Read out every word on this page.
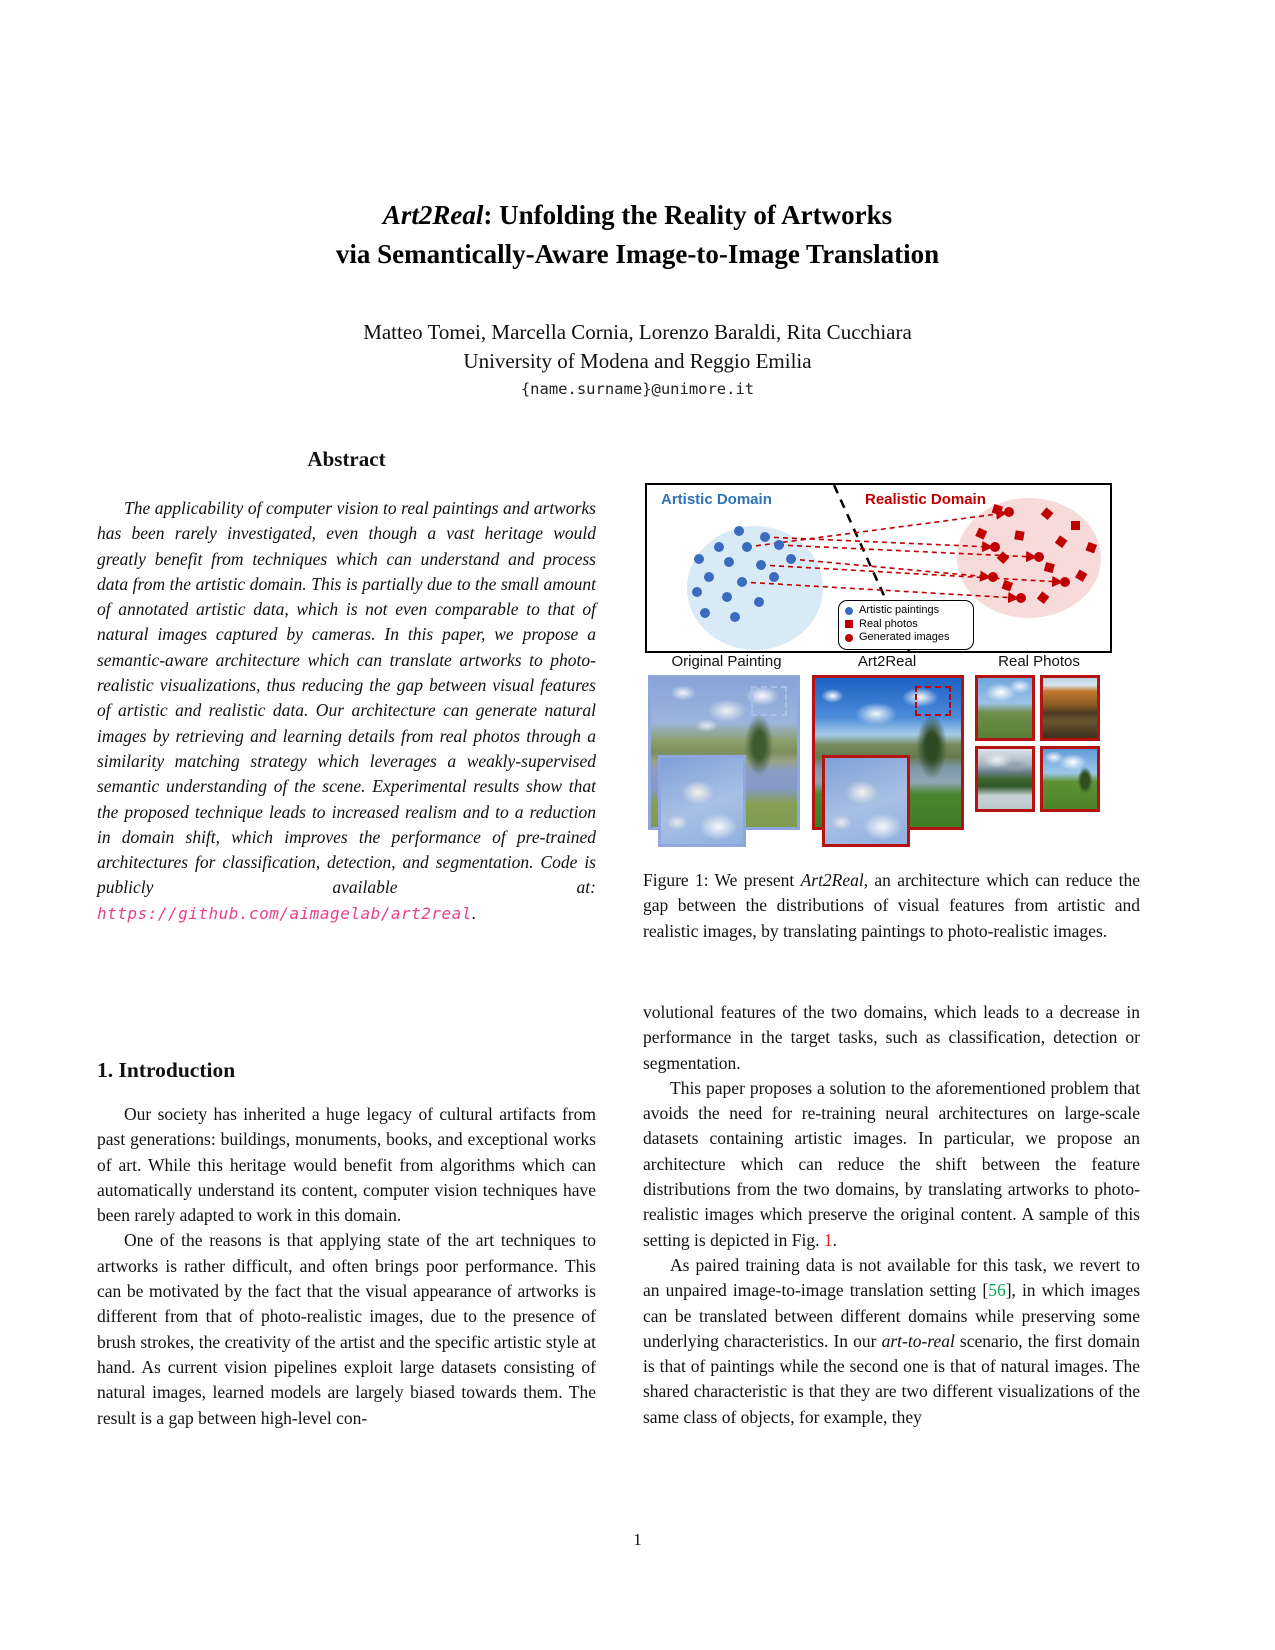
Art2Real: Unfolding the Reality of Artworks
via Semantically-Aware Image-to-Image Translation
Matteo Tomei, Marcella Cornia, Lorenzo Baraldi, Rita Cucchiara
University of Modena and Reggio Emilia
{name.surname}@unimore.it
Abstract

The applicability of computer vision to real paintings and artworks has been rarely investigated, even though a vast heritage would greatly benefit from techniques which can understand and process data from the artistic domain. This is partially due to the small amount of annotated artistic data, which is not even comparable to that of natural images captured by cameras. In this paper, we propose a semantic-aware architecture which can translate artworks to photo-realistic visualizations, thus reducing the gap between visual features of artistic and realistic data. Our architecture can generate natural images by retrieving and learning details from real photos through a similarity matching strategy which leverages a weakly-supervised semantic understanding of the scene. Experimental results show that the proposed technique leads to increased realism and to a reduction in domain shift, which improves the performance of pre-trained architectures for classification, detection, and segmentation. Code is publicly available at: https://github.com/aimagelab/art2real.

1. Introduction

Our society has inherited a huge legacy of cultural artifacts from past generations: buildings, monuments, books, and exceptional works of art. While this heritage would benefit from algorithms which can automatically understand its content, computer vision techniques have been rarely adapted to work in this domain.

One of the reasons is that applying state of the art techniques to artworks is rather difficult, and often brings poor performance. This can be motivated by the fact that the visual appearance of artworks is different from that of photo-realistic images, due to the presence of brush strokes, the creativity of the artist and the specific artistic style at hand. As current vision pipelines exploit large datasets consisting of natural images, learned models are largely biased towards them. The result is a gap between high-level con-

Artistic Domain	Realistic Domain
Artistic paintings
Real photos
Generated images
Original Painting	Art2Real	Real Photos
Figure 1: We present Art2Real, an architecture which can reduce the gap between the distributions of visual features from artistic and realistic images, by translating paintings to photo-realistic images.

volutional features of the two domains, which leads to a decrease in performance in the target tasks, such as classification, detection or segmentation.

This paper proposes a solution to the aforementioned problem that avoids the need for re-training neural architectures on large-scale datasets containing artistic images. In particular, we propose an architecture which can reduce the shift between the feature distributions from the two domains, by translating artworks to photo-realistic images which preserve the original content. A sample of this setting is depicted in Fig. 1.

As paired training data is not available for this task, we revert to an unpaired image-to-image translation setting [56], in which images can be translated between different domains while preserving some underlying characteristics. In our art-to-real scenario, the first domain is that of paintings while the second one is that of natural images. The shared characteristic is that they are two different visualizations of the same class of objects, for example, they

1
